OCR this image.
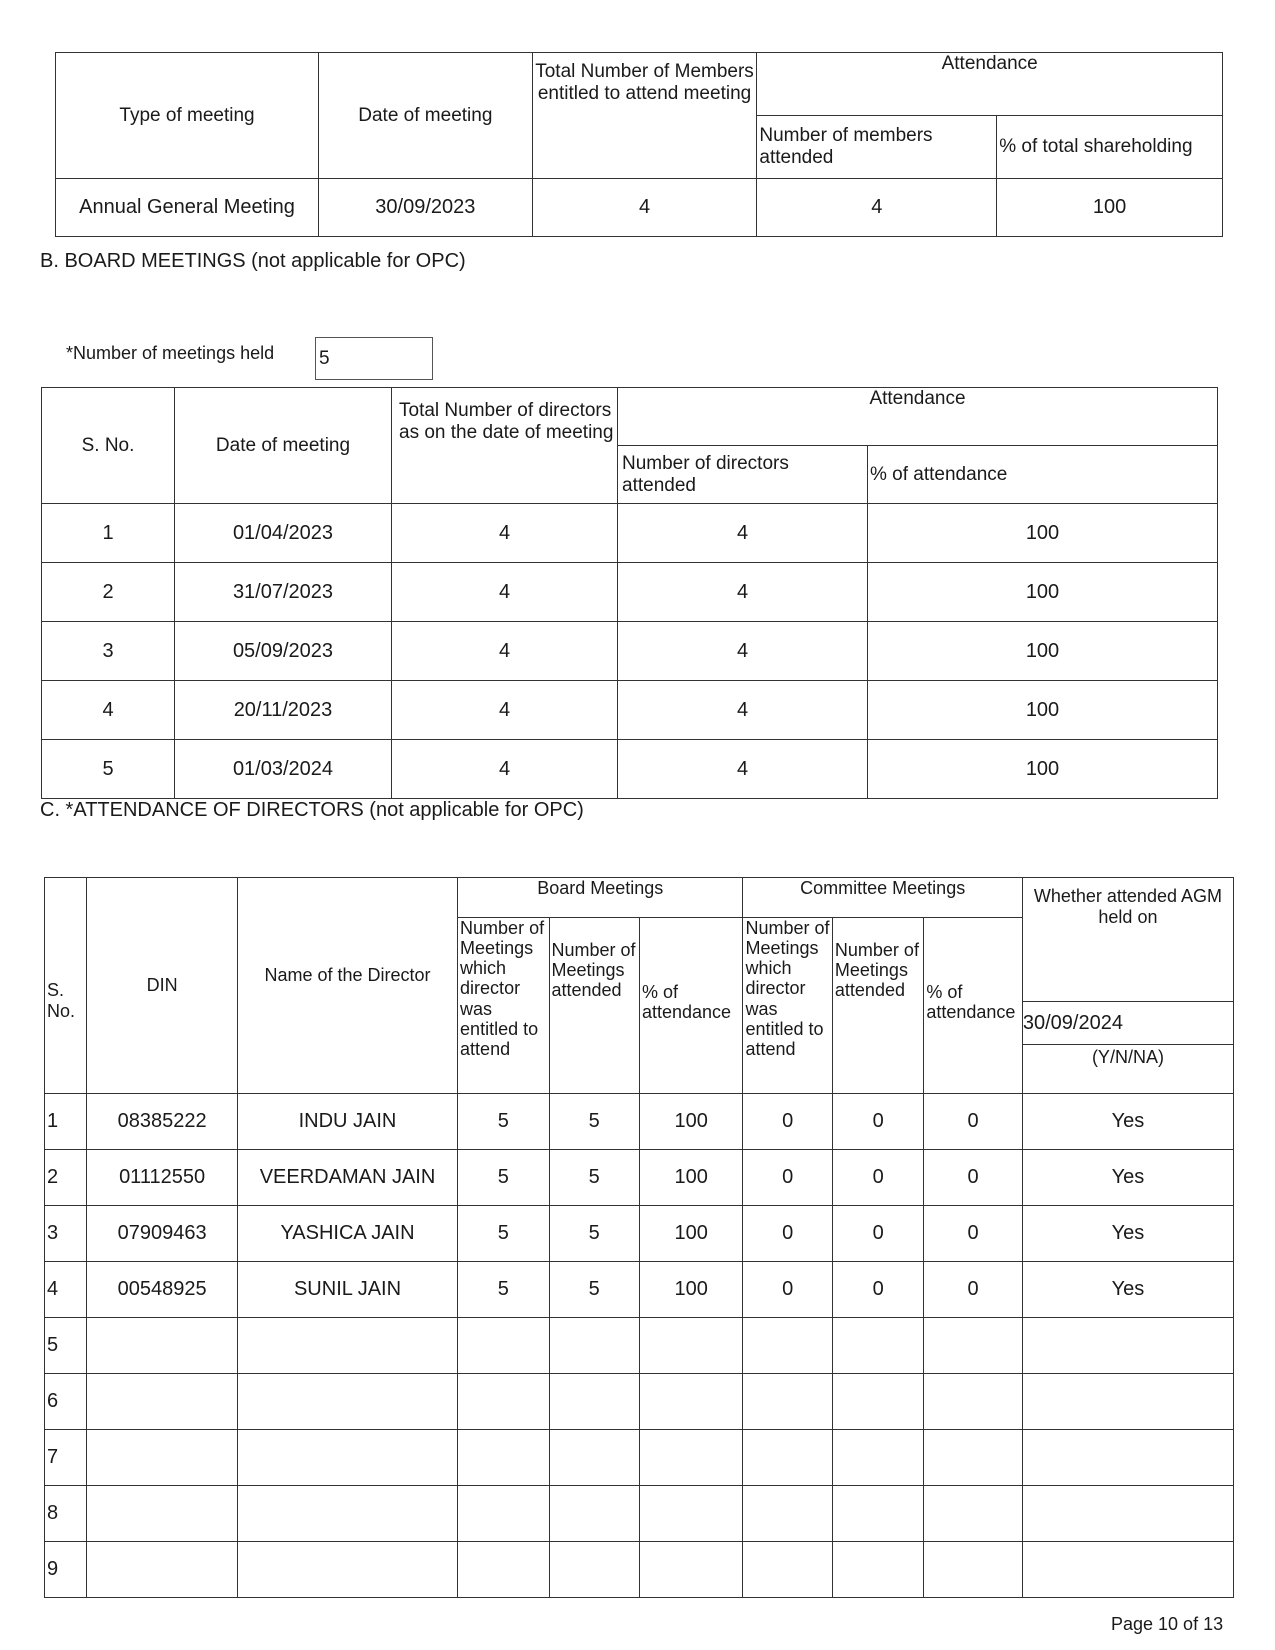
Type of meeting	Date of meeting	Total Number of Members entitled to attend meeting	Attendance	
			Number of members attended	% of total shareholding
Annual General Meeting	30/09/2023	4	4	100
B. BOARD MEETINGS (not applicable for OPC)
*Number of meetings held 5
S. No.	Date of meeting	Total Number of directors as on the date of meeting	Attendance	
			Number of directors attended	% of attendance
1	01/04/2023	4	4	100
2	31/07/2023	4	4	100
3	05/09/2023	4	4	100
4	20/11/2023	4	4	100
5	01/03/2024	4	4	100
C. *ATTENDANCE OF DIRECTORS (not applicable for OPC)
S. No.	DIN	Name of the Director	Board Meetings			Committee Meetings			Whether attended AGM held on
			Number of Meetings which director was entitled to attend	Number of Meetings attended	% of attendance	Number of Meetings which director was entitled to attend	Number of Meetings attended	% of attendance	
									30/09/2024
									(Y/N/NA)
1	08385222	INDU JAIN	5	5	100	0	0	0	Yes
2	01112550	VEERDAMAN JAIN	5	5	100	0	0	0	Yes
3	07909463	YASHICA JAIN	5	5	100	0	0	0	Yes
4	00548925	SUNIL JAIN	5	5	100	0	0	0	Yes
5									
6									
7									
8									
9									
Page 10 of 13
